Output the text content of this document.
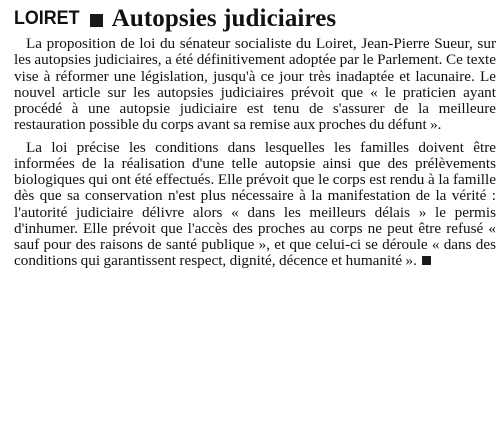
LOIRET Autopsies judiciaires

La proposition de loi du sénateur socialiste du Loiret, Jean-Pierre Sueur, sur les autopsies judiciaires, a été définitivement adoptée par le Parlement. Ce texte vise à réformer une législation, jusqu'à ce jour très inadaptée et lacunaire. Le nouvel article sur les autopsies judiciaires prévoit que « le praticien ayant procédé à une autopsie judiciaire est tenu de s'assurer de la meilleure restauration possible du corps avant sa remise aux proches du défunt ».

La loi précise les conditions dans lesquelles les familles doivent être informées de la réalisation d'une telle autopsie ainsi que des prélèvements biologiques qui ont été effectués. Elle prévoit que le corps est rendu à la famille dès que sa conservation n'est plus nécessaire à la manifestation de la vérité : l'autorité judiciaire délivre alors « dans les meilleurs délais » le permis d'inhumer. Elle prévoit que l'accès des proches au corps ne peut être refusé « sauf pour des raisons de santé publique », et que celui-ci se déroule « dans des conditions qui garantissent respect, dignité, décence et humanité ».
